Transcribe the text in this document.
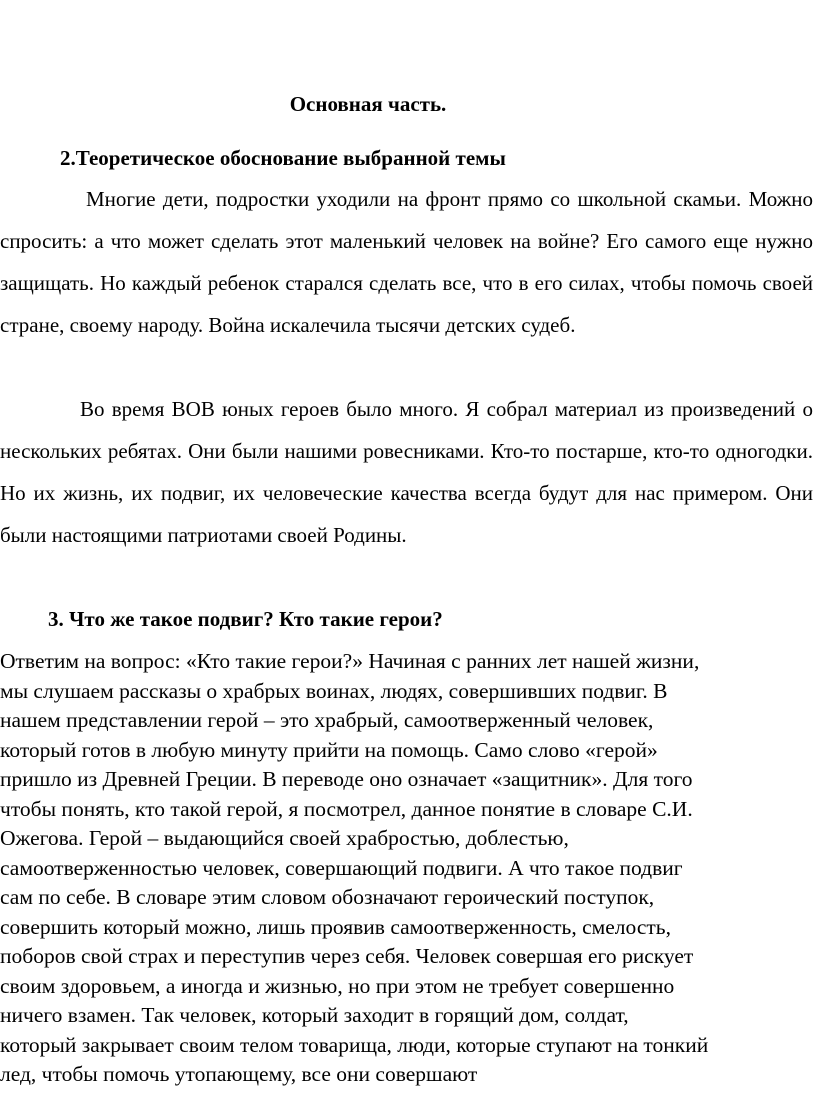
Основная часть.
2.Теоретическое обоснование выбранной темы

Многие дети, подростки уходили на фронт прямо со школьной скамьи. Можно спросить: а что может сделать этот маленький человек на войне? Его самого еще нужно защищать. Но каждый ребенок старался сделать все, что в его силах, чтобы помочь своей стране, своему народу. Война искалечила тысячи детских судеб.

Во время ВОВ юных героев было много. Я собрал материал из произведений о нескольких ребятах. Они были нашими ровесниками. Кто-то постарше, кто-то одногодки. Но их жизнь, их подвиг, их человеческие качества всегда будут для нас примером. Они были настоящими патриотами своей Родины.

3. Что же такое подвиг? Кто такие герои?
Ответим на вопрос: «Кто такие герои?» Начиная с ранних лет нашей жизни,
мы слушаем рассказы о храбрых воинах, людях, совершивших подвиг. В
нашем представлении герой – это храбрый, самоотверженный человек,
который готов в любую минуту прийти на помощь. Само слово «герой»
пришло из Древней Греции. В переводе оно означает «защитник». Для того
чтобы понять, кто такой герой, я посмотрел, данное понятие в словаре С.И.
Ожегова. Герой – выдающийся своей храбростью, доблестью,
самоотверженностью человек, совершающий подвиги. А что такое подвиг
сам по себе. В словаре этим словом обозначают героический поступок,
совершить который можно, лишь проявив самоотверженность, смелость,
поборов свой страх и переступив через себя. Человек совершая его рискует
своим здоровьем, а иногда и жизнью, но при этом не требует совершенно
ничего взамен. Так человек, который заходит в горящий дом, солдат,
который закрывает своим телом товарища, люди, которые ступают на тонкий
лед, чтобы помочь утопающему, все они совершают
